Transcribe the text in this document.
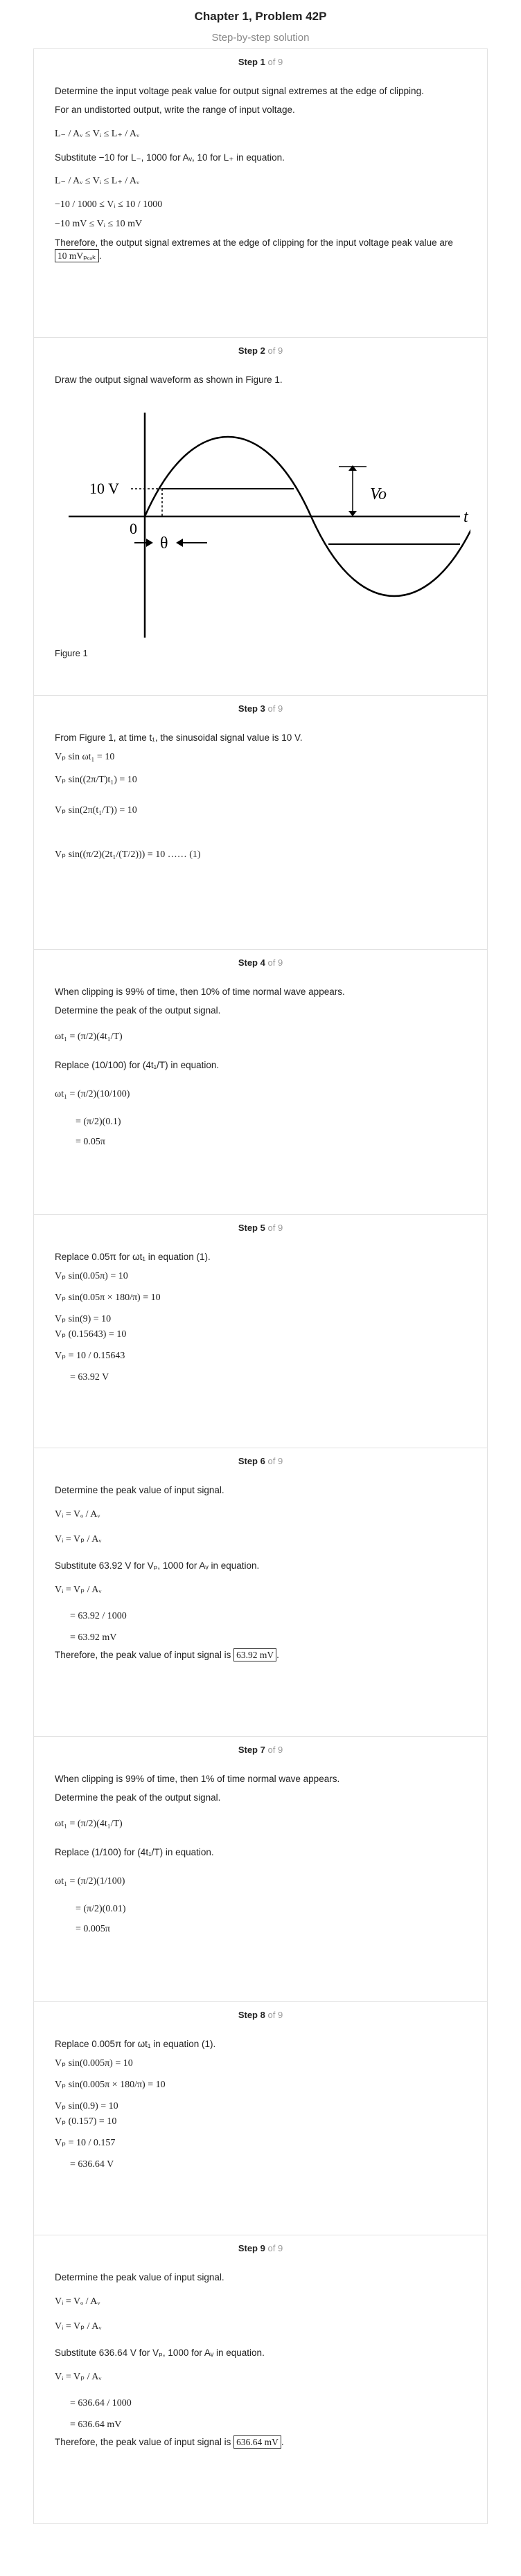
Chapter 1, Problem 42P
Step-by-step solution
Step 1 of 9

Determine the input voltage peak value for output signal extremes at the edge of clipping.

For an undistorted output, write the range of input voltage.

L₋ / Aᵥ ≤ Vᵢ ≤ L₊ / Aᵥ

Substitute −10 for L₋, 1000 for Aᵥ, 10 for L₊ in equation.

L₋ / Aᵥ ≤ Vᵢ ≤ L₊ / Aᵥ
−10 / 1000 ≤ Vᵢ ≤ 10 / 1000
−10 mV ≤ Vᵢ ≤ 10 mV

Therefore, the output signal extremes at the edge of clipping for the input voltage peak value are 10 mVₚₑₐₖ .

Step 2 of 9

Draw the output signal waveform as shown in Figure 1.

10 V
0
θ
Vo
t
Figure 1
Step 3 of 9

From Figure 1, at time t₁, the sinusoidal signal value is 10 V.

Vₚ sin ωt₁ = 10
Vₚ sin((2π/T)t₁) = 10
Vₚ sin(2π(t₁/T)) = 10
Vₚ sin((π/2)(2t₁/(T/2))) = 10 …… (1)
Step 4 of 9

When clipping is 99% of time, then 10% of time normal wave appears.

Determine the peak of the output signal.

ωt₁ = (π/2)(4t₁/T)

Replace (10/100) for (4t₁/T) in equation.

ωt₁ = (π/2)(10/100)
= (π/2)(0.1)
= 0.05π
Step 5 of 9

Replace 0.05π for ωt₁ in equation (1).

Vₚ sin(0.05π) = 10
Vₚ sin(0.05π × 180/π) = 10
Vₚ sin(9) = 10
Vₚ (0.15643) = 10
Vₚ = 10 / 0.15643
= 63.92 V
Step 6 of 9

Determine the peak value of input signal.

Vᵢ = Vₒ / Aᵥ
Vᵢ = Vₚ / Aᵥ

Substitute 63.92 V for Vₚ, 1000 for Aᵥ in equation.

Vᵢ = Vₚ / Aᵥ
= 63.92 / 1000
= 63.92 mV

Therefore, the peak value of input signal is 63.92 mV .

Step 7 of 9

When clipping is 99% of time, then 1% of time normal wave appears.

Determine the peak of the output signal.

ωt₁ = (π/2)(4t₁/T)

Replace (1/100) for (4t₁/T) in equation.

ωt₁ = (π/2)(1/100)
= (π/2)(0.01)
= 0.005π
Step 8 of 9

Replace 0.005π for ωt₁ in equation (1).

Vₚ sin(0.005π) = 10
Vₚ sin(0.005π × 180/π) = 10
Vₚ sin(0.9) = 10
Vₚ (0.157) = 10
Vₚ = 10 / 0.157
= 636.64 V
Step 9 of 9

Determine the peak value of input signal.

Vᵢ = Vₒ / Aᵥ
Vᵢ = Vₚ / Aᵥ

Substitute 636.64 V for Vₚ, 1000 for Aᵥ in equation.

Vᵢ = Vₚ / Aᵥ
= 636.64 / 1000
= 636.64 mV

Therefore, the peak value of input signal is 636.64 mV .
